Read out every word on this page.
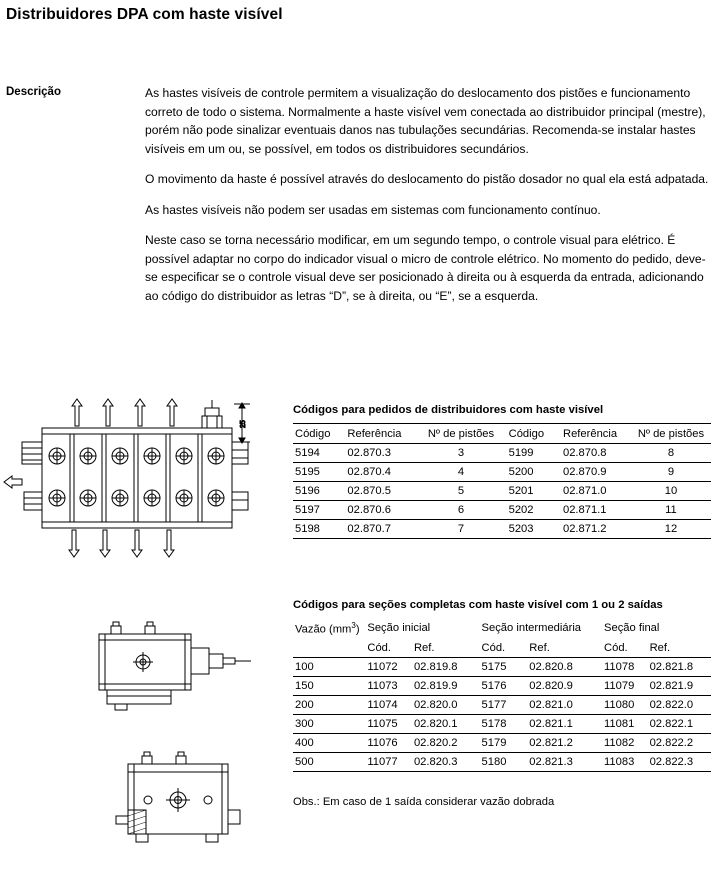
Distribuidores DPA com haste visível
Descrição	As hastes visíveis de controle permitem a visualização do deslocamento dos pistões e funcionamento correto de todo o sistema. Normalmente a haste visível vem conectada ao distribuidor principal (mestre), porém não pode sinalizar eventuais danos nas tubulações secundárias. Recomenda-se instalar hastes visíveis em um ou, se possível, em todos os distribuidores secundários.

O movimento da haste é possível através do deslocamento do pistão dosador no qual ela está adpatada.

As hastes visíveis não podem ser usadas em sistemas com funcionamento contínuo.

Neste caso se torna necessário modificar, em um segundo tempo, o controle visual para elétrico. É possível adaptar no corpo do indicador visual o micro de controle elétrico. No momento do pedido, deve-se especificar se o controle visual deve ser posicionado à direita ou à esquerda da entrada, adicionando ao código do distribuidor as letras “D”, se à direita, ou “E”, se a esquerda.

25
Códigos para pedidos de distribuidores com haste visível
Código	Referência	Nº de pistões	Código	Referência	Nº de pistões
5194	02.870.3	3	5199	02.870.8	8
5195	02.870.4	4	5200	02.870.9	9
5196	02.870.5	5	5201	02.871.0	10
5197	02.870.6	6	5202	02.871.1	11
5198	02.870.7	7	5203	02.871.2	12
Códigos para seções completas com haste visível com 1 ou 2 saídas
Vazão $(mm^3)$	Seção inicial		Seção intermediária		Seção final	
	Cód.	Ref.	Cód.	Ref.	Cód.	Ref.
100	11072	02.819.8	5175	02.820.8	11078	02.821.8
150	11073	02.819.9	5176	02.820.9	11079	02.821.9
200	11074	02.820.0	5177	02.821.0	11080	02.822.0
300	11075	02.820.1	5178	02.821.1	11081	02.822.1
400	11076	02.820.2	5179	02.821.2	11082	02.822.2
500	11077	02.820.3	5180	02.821.3	11083	02.822.3
Obs.: Em caso de 1 saída considerar vazão dobrada
